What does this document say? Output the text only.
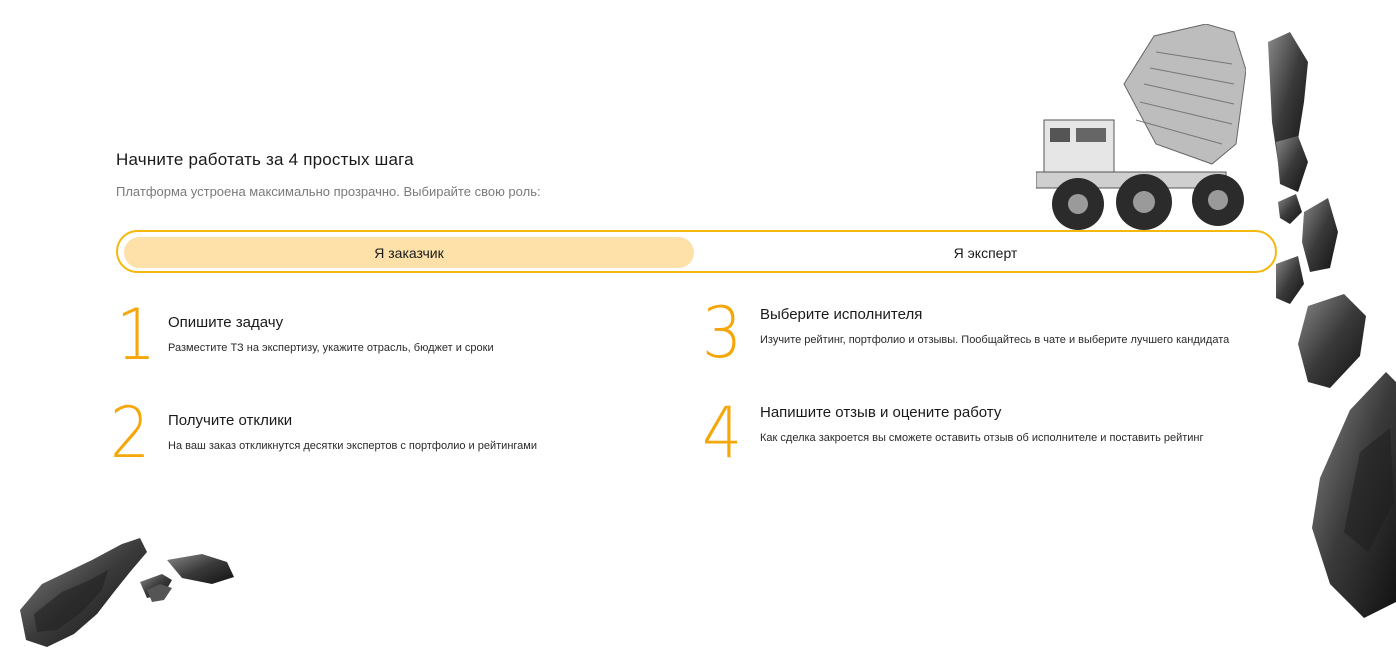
Начните работать за 4 простых шага

Платформа устроена максимально прозрачно. Выбирайте свою роль:

Я заказчик	Я эксперт
1 Опишите задачу
Разместите ТЗ на экспертизу, укажите отрасль, бюджет и сроки
2 Получите отклики
На ваш заказ откликнутся десятки экспертов с портфолио и рейтингами
3 Выберите исполнителя
Изучите рейтинг, портфолио и отзывы. Пообщайтесь в чате и выберите лучшего кандидата
4 Напишите отзыв и оцените работу
Как сделка закроется вы сможете оставить отзыв об исполнителе и поставить рейтинг
